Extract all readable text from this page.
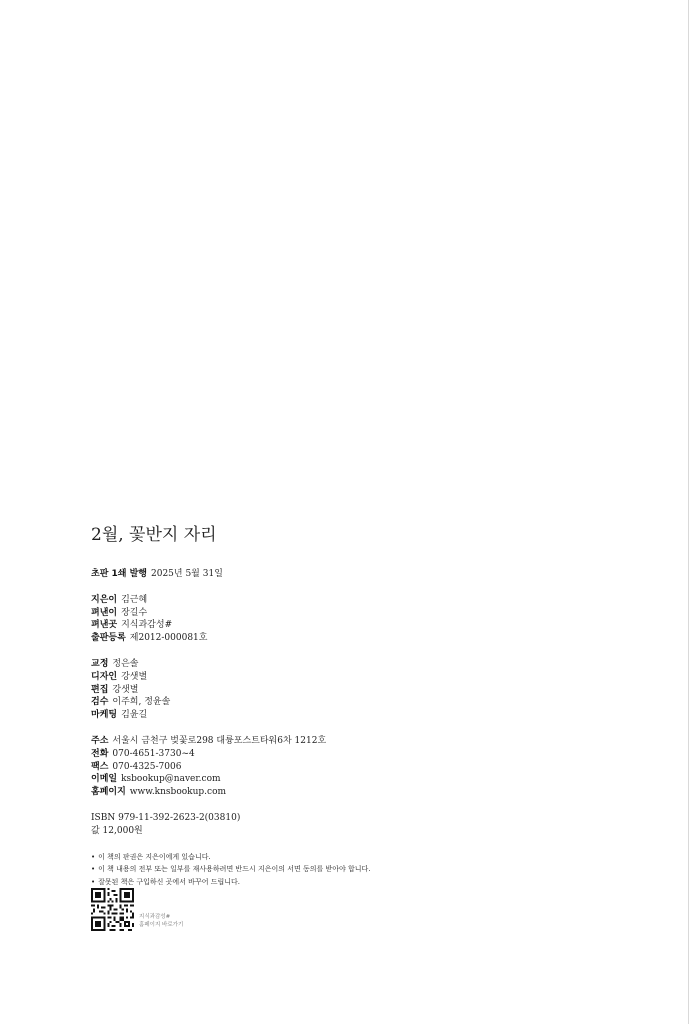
2월, 꽃반지 자리
초판 1쇄 발행 2025년 5월 31일
지은이 김근혜
펴낸이 장길수
펴낸곳 지식과감성#
출판등록 제2012-000081호
교정 정은솔
디자인 강샛별
편집 강샛별
검수 이주희, 정윤솔
마케팅 김윤길
주소 서울시 금천구 벚꽃로298 대륭포스트타워6차 1212호
전화 070-4651-3730~4
팩스 070-4325-7006
이메일 ksbookup@naver.com
홈페이지 www.knsbookup.com
ISBN 979-11-392-2623-2(03810)
값 12,000원
• 이 책의 판권은 지은이에게 있습니다.
• 이 책 내용의 전부 또는 일부를 재사용하려면 반드시 지은이의 서면 동의를 받아야 합니다.
• 잘못된 책은 구입하신 곳에서 바꾸어 드립니다.
지식과감성#
홈페이지 바로가기
